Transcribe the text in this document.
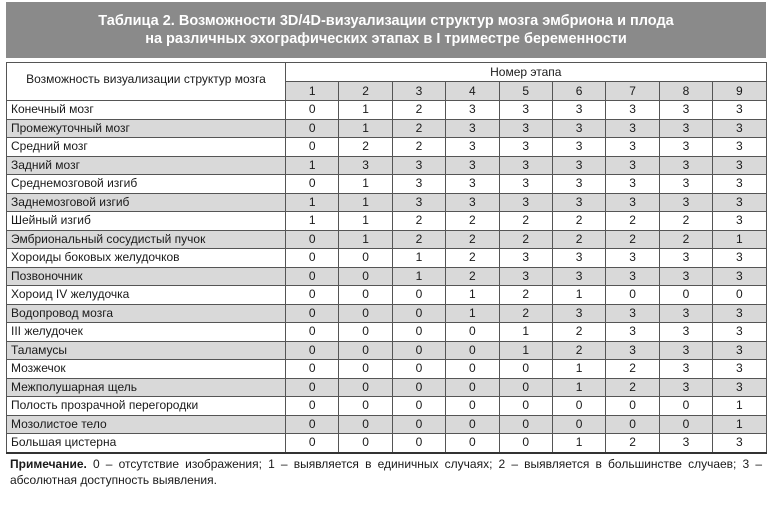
Таблица 2. Возможности 3D/4D-визуализации структур мозга эмбриона и плода
на различных эхографических этапах в I триместре беременности
Возможность визуализации структур мозга	Номер этапа								
	1	2	3	4	5	6	7	8	9
Конечный мозг	0	1	2	3	3	3	3	3	3
Промежуточный мозг	0	1	2	3	3	3	3	3	3
Средний мозг	0	2	2	3	3	3	3	3	3
Задний мозг	1	3	3	3	3	3	3	3	3
Среднемозговой изгиб	0	1	3	3	3	3	3	3	3
Заднемозговой изгиб	1	1	3	3	3	3	3	3	3
Шейный изгиб	1	1	2	2	2	2	2	2	3
Эмбриональный сосудистый пучок	0	1	2	2	2	2	2	2	1
Хороиды боковых желудочков	0	0	1	2	3	3	3	3	3
Позвоночник	0	0	1	2	3	3	3	3	3
Хороид IV желудочка	0	0	0	1	2	1	0	0	0
Водопровод мозга	0	0	0	1	2	3	3	3	3
III желудочек	0	0	0	0	1	2	3	3	3
Таламусы	0	0	0	0	1	2	3	3	3
Мозжечок	0	0	0	0	0	1	2	3	3
Межполушарная щель	0	0	0	0	0	1	2	3	3
Полость прозрачной перегородки	0	0	0	0	0	0	0	0	1
Мозолистое тело	0	0	0	0	0	0	0	0	1
Большая цистерна	0	0	0	0	0	1	2	3	3
Примечание. 0 – отсутствие изображения; 1 – выявляется в единичных случаях; 2 – выявляется в большинстве случаев; 3 – абсолютная доступность выявления.
